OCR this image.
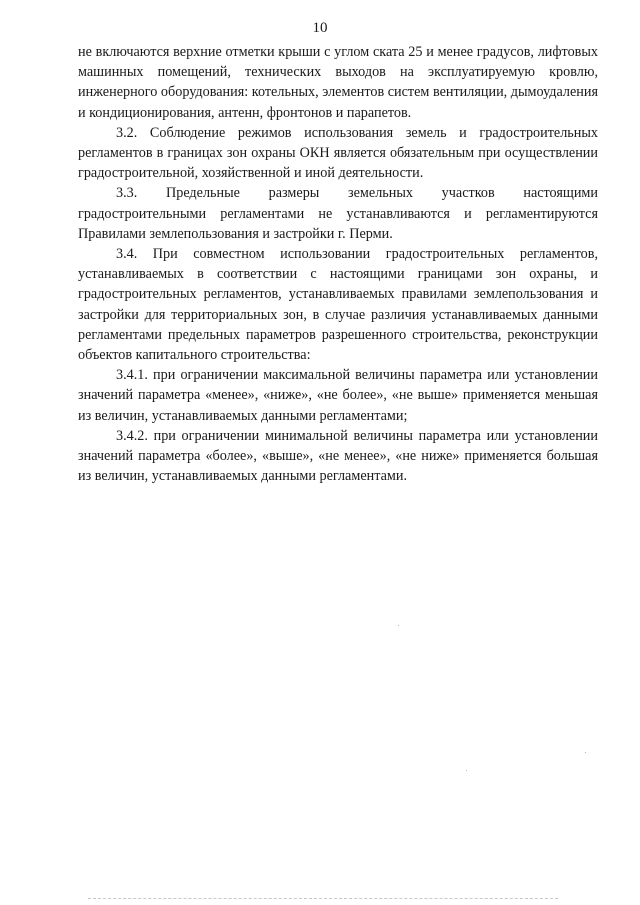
10

не включаются верхние отметки крыши с углом ската 25 и менее градусов, лифтовых машинных помещений, технических выходов на эксплуатируемую кровлю, инженерного оборудования: котельных, элементов систем вентиляции, дымоудаления и кондиционирования, антенн, фронтонов и парапетов.

3.2. Соблюдение режимов использования земель и градостроительных регламентов в границах зон охраны ОКН является обязательным при осуществлении градостроительной, хозяйственной и иной деятельности.

3.3. Предельные размеры земельных участков настоящими градостроительными регламентами не устанавливаются и регламентируются Правилами землепользования и застройки г. Перми.

3.4. При совместном использовании градостроительных регламентов, устанавливаемых в соответствии с настоящими границами зон охраны, и градостроительных регламентов, устанавливаемых правилами землепользования и застройки для территориальных зон, в случае различия устанавливаемых данными регламентами предельных параметров разрешенного строительства, реконструкции объектов капитального строительства:

3.4.1. при ограничении максимальной величины параметра или установлении значений параметра «менее», «ниже», «не более», «не выше» применяется меньшая из величин, устанавливаемых данными регламентами;

3.4.2. при ограничении минимальной величины параметра или установлении значений параметра «более», «выше», «не менее», «не ниже» применяется большая из величин, устанавливаемых данными регламентами.
